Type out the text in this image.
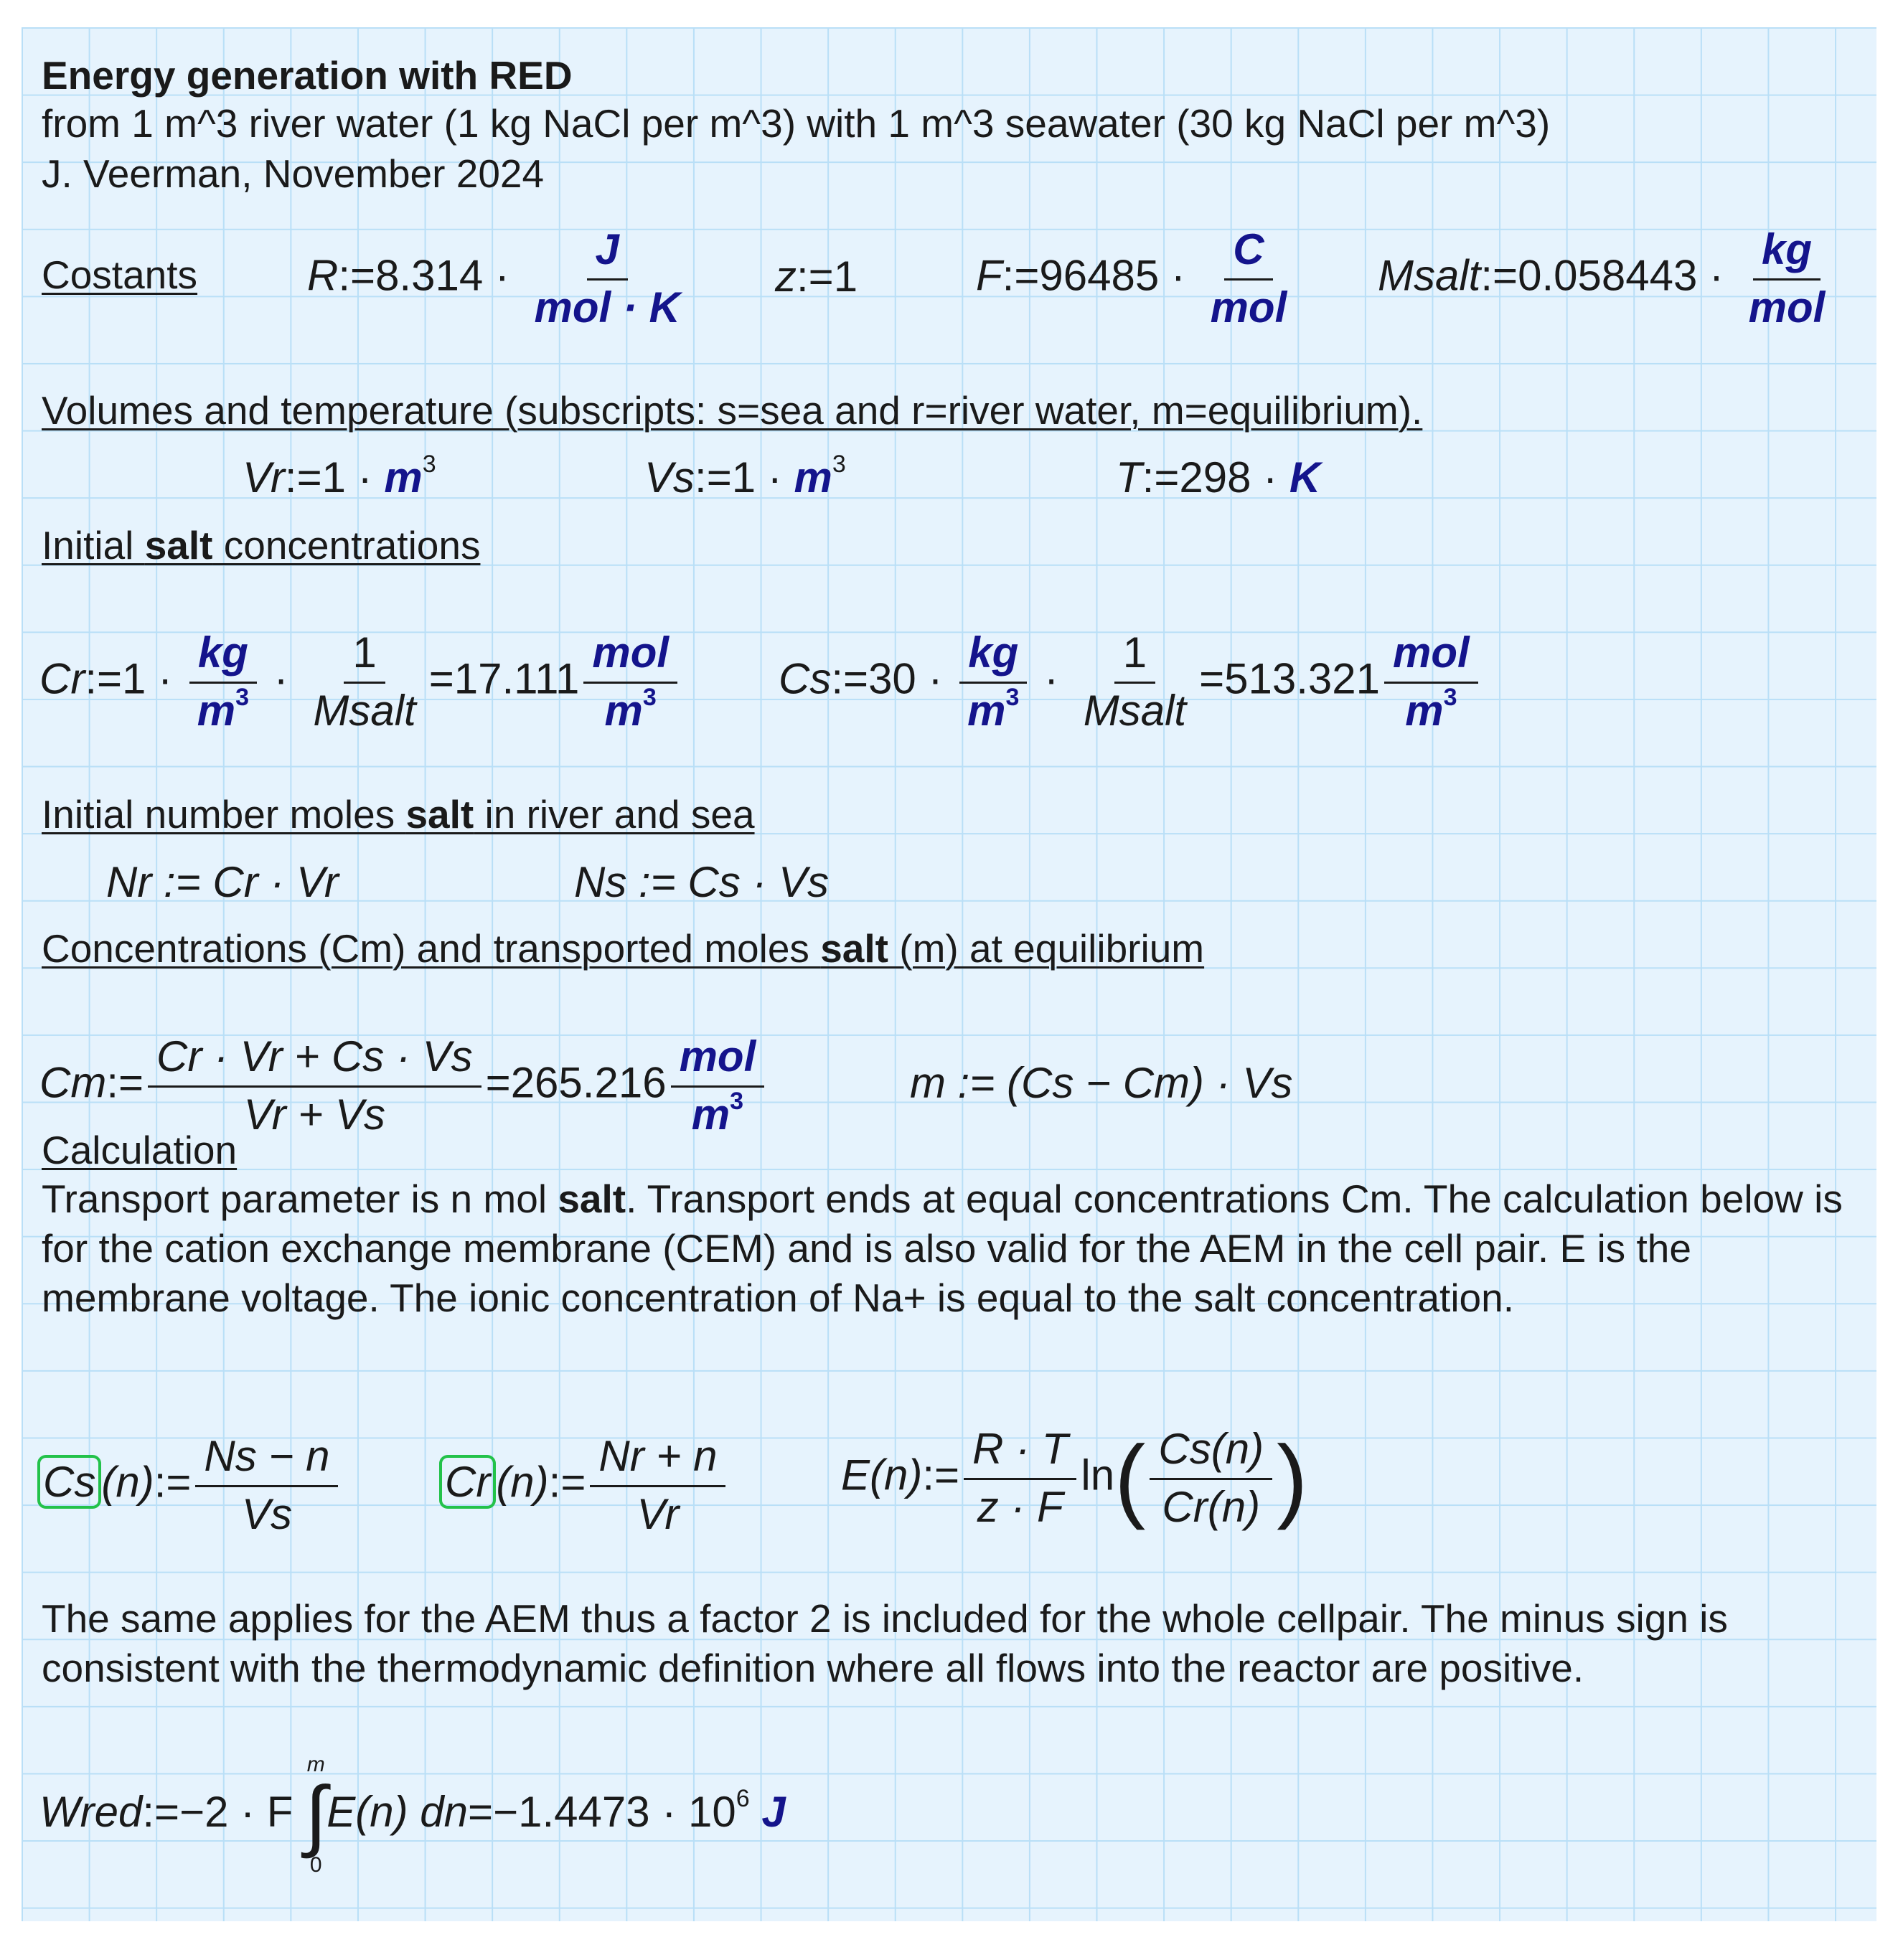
Energy generation with RED
from 1 m^3 river water (1 kg NaCl per m^3) with 1 m^3 seawater (30 kg NaCl per m^3)
J. Veerman, November 2024
Costants	R:=8.314 · $\frac{J}{\text{mol · K}}$ z:=1	F:=96485 · $\frac{C}{\text{mol}}$ Msalt:=0.058443 · $\frac{kg}{\text{mol}}$
Volumes and temperature (subscripts: s=sea and r=river water, m=equilibrium).
Vr:=1 · $m^3$	Vs:=1 · $m^3$	T:=298 · K
Initial salt concentrations
Cr:=1 · $\frac{kg}{m^3} \cdot \frac{1}{\text{Msalt}} =17.111 \frac{\text{mol}}{m^3}$ Cs:=30 · $\frac{kg}{m^3} \cdot \frac{1}{\text{Msalt}} =513.321 \frac{\text{mol}}{m^3}$
Initial number moles salt in river and sea
Nr := Cr · Vr	Ns := Cs · Vs
Concentrations (Cm) and transported moles salt (m) at equilibrium
Cm:= $\frac{Cr \cdot Vr + Cs \cdot Vs}{Vr + Vs} =265.216 \frac{\text{mol}}{m^3}$	m := (Cs − Cm) · Vs
Calculation
Transport parameter is n mol salt. Transport ends at equal concentrations Cm. The calculation below is for the cation exchange membrane (CEM) and is also valid for the AEM in the cell pair. E is the membrane voltage. The ionic concentration of Na+ is equal to the salt concentration.
Cs (n):= $\frac{Ns - n}{Vs}$ Cr (n):= $\frac{Nr + n}{Vr}$	E(n):= $\frac{R \cdot T}{z \cdot F} \ln( \frac{Cs(n)}{Cr(n)}$ )
The same applies for the AEM thus a factor 2 is included for the whole cellpair. The minus sign is consistent with the thermodynamic definition where all flows into the reactor are positive.
Wred:=−2 · F
m
∫
0
E(n) $dn=-1.4473 \cdot 10^6$ J
